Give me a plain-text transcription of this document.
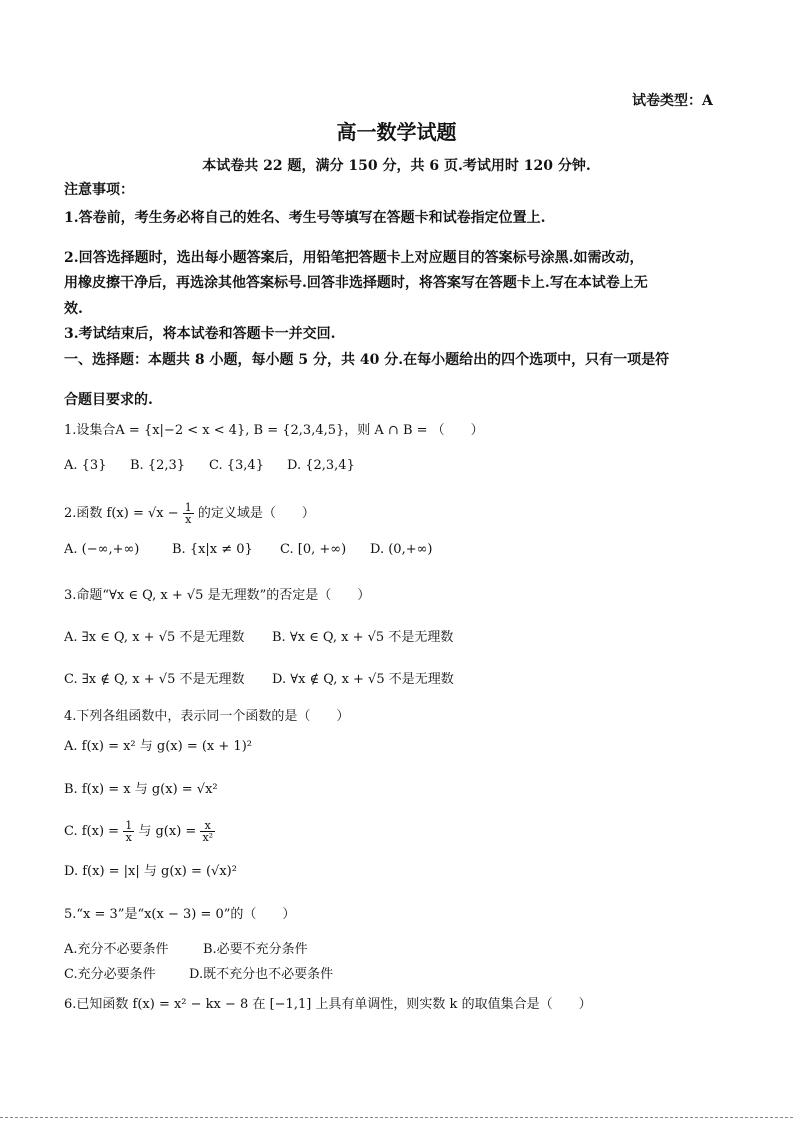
试卷类型：A
高一数学试题
本试卷共 22 题，满分 150 分，共 6 页.考试用时 120 分钟.
注意事项：
1.答卷前，考生务必将自己的姓名、考生号等填写在答题卡和试卷指定位置上.
2.回答选择题时，选出每小题答案后，用铅笔把答题卡上对应题目的答案标号涂黑.如需改动，
用橡皮擦干净后，再选涂其他答案标号.回答非选择题时，将答案写在答题卡上.写在本试卷上无
效.
3.考试结束后，将本试卷和答题卡一并交回.
一、选择题：本题共 8 小题，每小题 5 分，共 40 分.在每小题给出的四个选项中，只有一项是符
合题目要求的.
1.设集合A = {x|−2 < x < 4}, B = {2,3,4,5}，则 A ∩ B = （　　）
A. {3} B. {2,3} C. {3,4} D. {2,3,4}
2.函数 $f(x) = √x - \frac{1}{x}$ 的定义域是（　　）
A. (−∞,+∞)	B. {x|x ≠ 0} C. [0, +∞) D. (0,+∞)
3.命题“∀x ∈ Q, x + √5 是无理数”的否定是（　　）
A. ∃x ∈ Q, x + √5 不是无理数 B. ∀x ∈ Q, x + √5 不是无理数
C. ∃x ∉ Q, x + √5 不是无理数 D. ∀x ∉ Q, x + √5 不是无理数
4.下列各组函数中，表示同一个函数的是（　　）
A. f(x) = x² 与 g(x) = (x + 1)²
B. f(x) = x 与 g(x) = √x²
C. $f(x) = \frac{1}{x}$ 与 $g(x) = \frac{x}{\text{x²}}$
D. f(x) = |x| 与 g(x) = (√x)²
5.“x = 3”是“x(x − 3) = 0”的（　　）
A.充分不必要条件	B.必要不充分条件
C.充分必要条件	D.既不充分也不必要条件
6.已知函数 f(x) = x² − kx − 8 在 [−1,1] 上具有单调性，则实数 k 的取值集合是（　　）
